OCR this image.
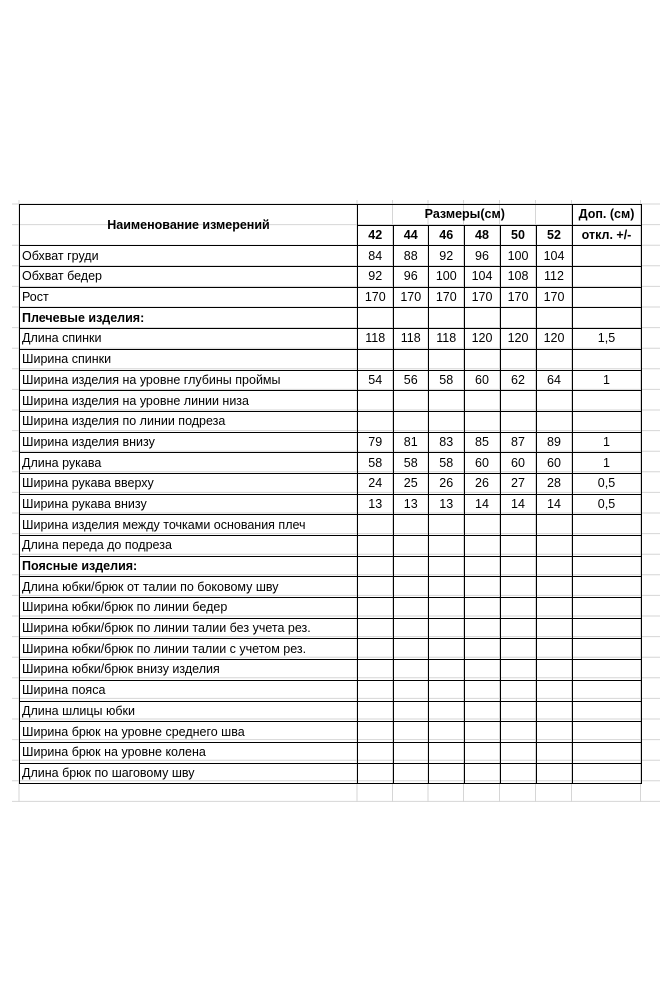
Наименование измерений	Размеры(см)						Доп. (см)
	42	44	46	48	50	52	откл. +/-
Обхват груди	84	88	92	96	100	104	
Обхват бедер	92	96	100	104	108	112	
Рост	170	170	170	170	170	170	
Плечевые изделия:							
Длина спинки	118	118	118	120	120	120	1,5
Ширина спинки							
Ширина изделия на уровне глубины проймы	54	56	58	60	62	64	1
Ширина изделия на уровне линии низа							
Ширина изделия по линии подреза							
Ширина изделия внизу	79	81	83	85	87	89	1
Длина рукава	58	58	58	60	60	60	1
Ширина рукава вверху	24	25	26	26	27	28	0,5
Ширина рукава внизу	13	13	13	14	14	14	0,5
Ширина изделия между точками основания плеч							
Длина переда до подреза							
Поясные изделия:							
Длина юбки/брюк от талии по боковому шву							
Ширина юбки/брюк по линии бедер							
Ширина юбки/брюк по линии талии без учета рез.							
Ширина юбки/брюк по линии талии с учетом рез.							
Ширина юбки/брюк внизу изделия							
Ширина пояса							
Длина шлицы юбки							
Ширина брюк на уровне среднего шва							
Ширина брюк на уровне колена							
Длина брюк по шаговому шву							
